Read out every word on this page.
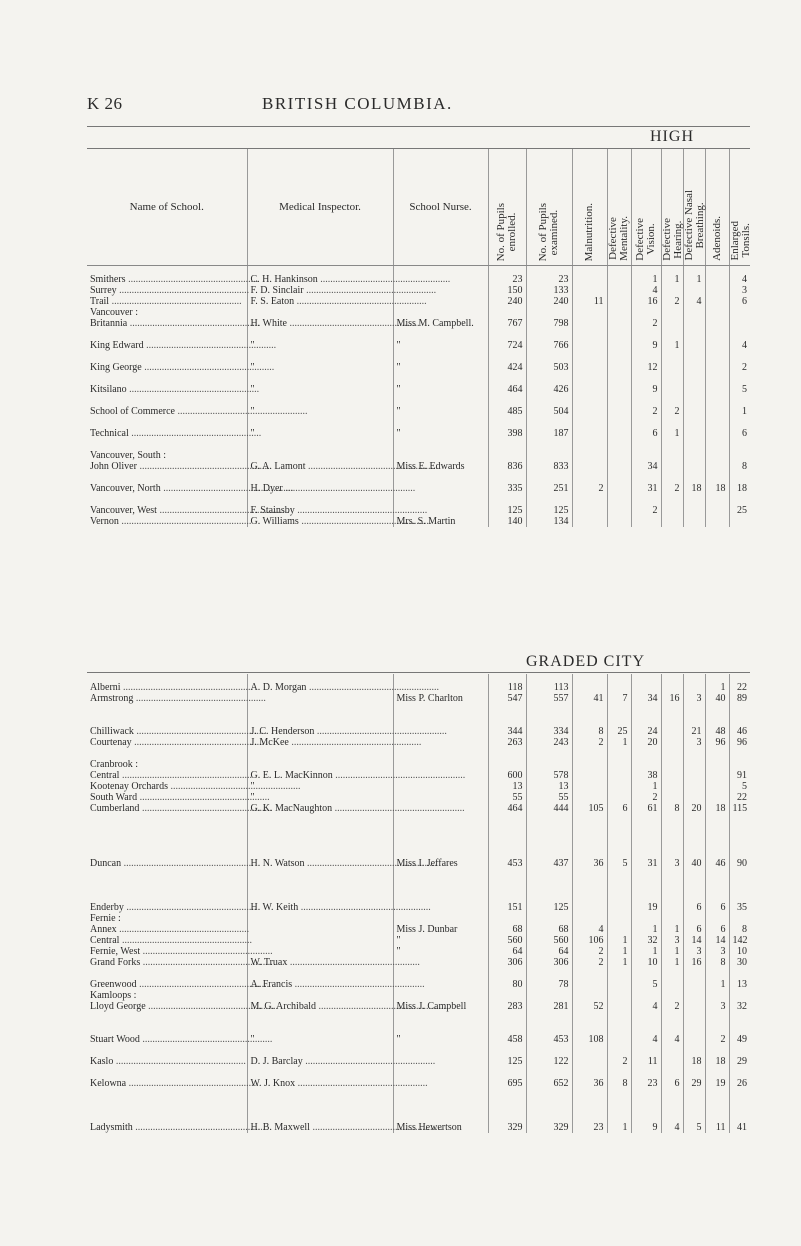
K 26	BRITISH COLUMBIA.
HIGH
Name of School.	Medical Inspector.	School Nurse.	No. of Pupils
enrolled.	No. of Pupils
examined.	Malnutrition.	Defective
Mentality.	Defective
Vision.	Defective
Hearing.	Defective Nasal
Breathing.	Adenoids.	Enlarged
Tonsils.

Smithers .....	C. H. Hankinson .....		23	23			1	1	1		4
Surrey .....	F. D. Sinclair .....		150	133			4				3
Trail .....	F. S. Eaton .....		240	240	11		16	2	4		6
Vancouver :											
Britannia .....	H. White .....	Miss M. Campbell.	767	798			2				

King Edward .....	"	"	724	766			9	1			4

King George .....	"	"	424	503			12				2

Kitsilano .....	"	"	464	426			9				5

School of Commerce .....	"	"	485	504			2	2			1

Technical .....	"	"	398	187			6	1			6

Vancouver, South :											
John Oliver .....	G. A. Lamont .....	Miss E. Edwards	836	833			34				8

Vancouver, North .....	H. Dyer .....		335	251	2		31	2	18	18	18

Vancouver, West .....	F. Stainsby .....		125	125			2				25
Vernon .....	G. Williams .....	Mrs. S. Martin	140	134							
GRADED CITY
Alberni .....	A. D. Morgan .....		118	113						1	22
Armstrong .....		Miss P. Charlton	547	557	41	7	34	16	3	40	89

Chilliwack .....	J. C. Henderson .....		344	334	8	25	24		21	48	46
Courtenay .....	J. McKee .....		263	243	2	1	20		3	96	96

Cranbrook :											
Central .....	G. E. L. MacKinnon .....		600	578			38				91
Kootenay Orchards .....	"		13	13			1				5
South Ward .....	"		55	55			2				22
Cumberland .....	G. K. MacNaughton .....		464	444	105	6	61	8	20	18	115

Duncan .....	H. N. Watson .....	Miss I. Jeffares	453	437	36	5	31	3	40	46	90

Enderby .....	H. W. Keith .....		151	125			19		6	6	35
Fernie :											
Annex .....		Miss J. Dunbar	68	68	4		1	1	6	6	8
Central .....		"	560	560	106	1	32	3	14	14	142
Fernie, West .....		"	64	64	2	1	1	1	3	3	10
Grand Forks .....	W. Truax .....		306	306	2	1	10	1	16	8	30

Greenwood .....	A. Francis .....		80	78			5			1	13
Kamloops :											
Lloyd George .....	M. G. Archibald .....	Miss J. Campbell	283	281	52		4	2		3	32

Stuart Wood .....	"	"	458	453	108		4	4		2	49

Kaslo .....	D. J. Barclay .....		125	122		2	11		18	18	29

Kelowna .....	W. J. Knox .....		695	652	36	8	23	6	29	19	26

Ladysmith .....	H. B. Maxwell .....	Miss Hewertson	329	329	23	1	9	4	5	11	41
